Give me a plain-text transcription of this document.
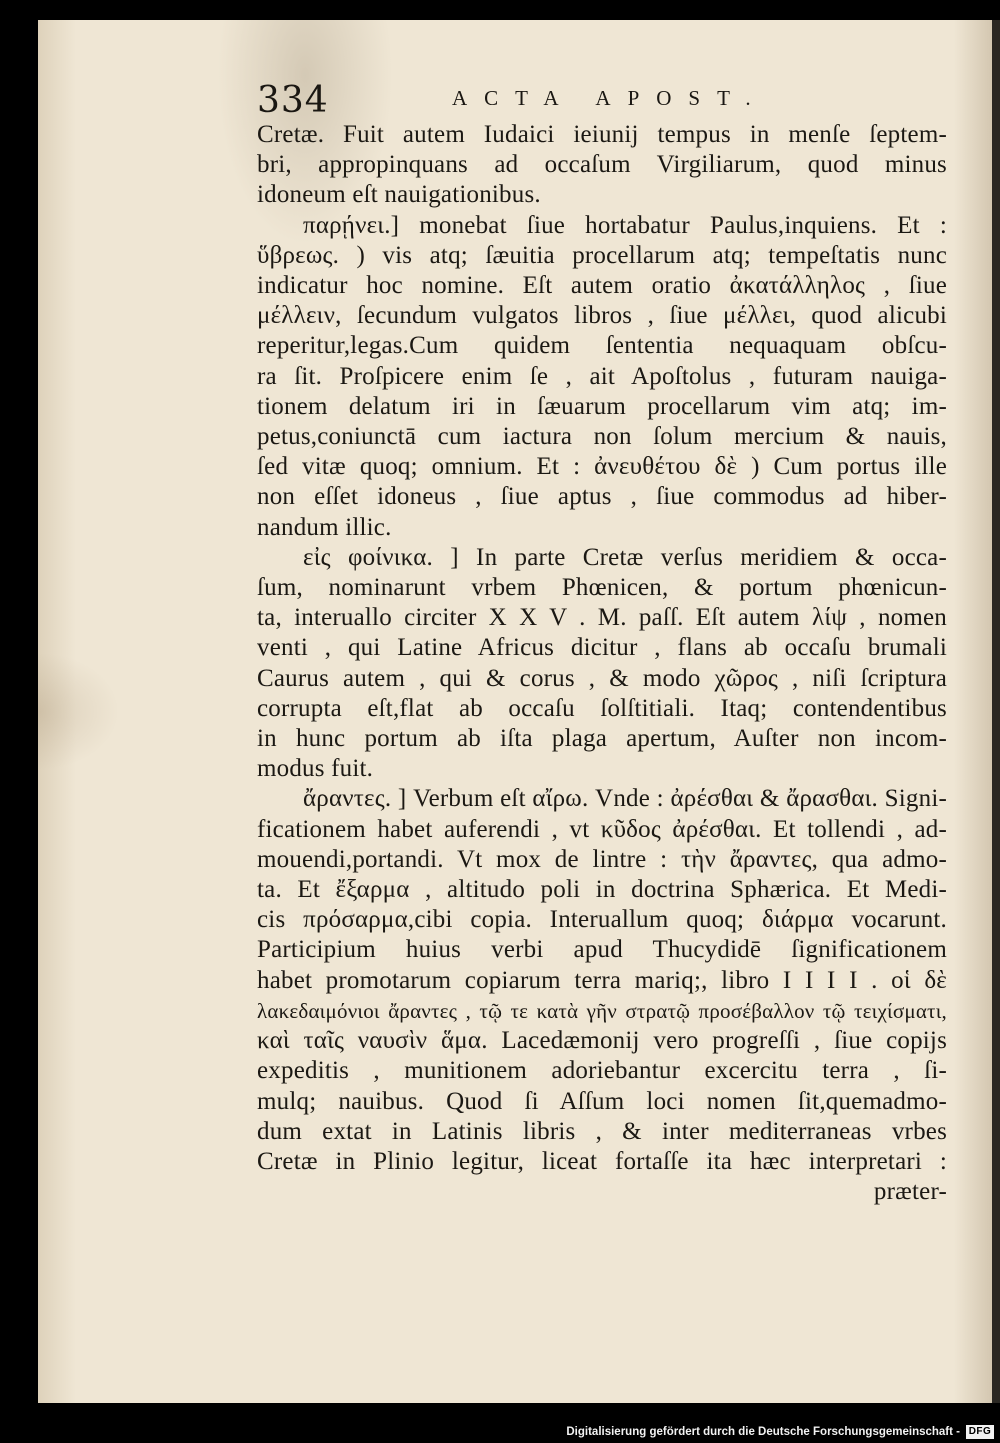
334	ACTA APOST.
Cretæ. Fuit autem Iudaici ieiunij tempus in menſe ſeptem-
bri, appropinquans ad occaſum Virgiliarum, quod minus
idoneum eſt nauigationibus.
παρῄνει.] monebat ſiue hortabatur Paulus,inquiens. Et :
ὕβρεως. ) vis atq; ſæuitia procellarum atq; tempeſtatis nunc
indicatur hoc nomine. Eſt autem oratio ἀκατάλληλος , ſiue
μέλλειν, ſecundum vulgatos libros , ſiue μέλλει, quod alicubi
reperitur,legas.Cum quidem ſententia nequaquam obſcu-
ra ſit. Proſpicere enim ſe , ait Apoſtolus , futuram nauiga-
tionem delatum iri in ſæuarum procellarum vim atq; im-
petus,coniunctā cum iactura non ſolum mercium & nauis,
ſed vitæ quoq; omnium. Et : ἀνευθέτου δὲ ) Cum portus ille
non eſſet idoneus , ſiue aptus , ſiue commodus ad hiber-
nandum illic.
εἰς φοίνικα. ] In parte Cretæ verſus meridiem & occa-
ſum, nominarunt vrbem Phœnicen, & portum phœnicun-
ta, interuallo circiter X X V . M. paſſ. Eſt autem λίψ , nomen
venti , qui Latine Africus dicitur , flans ab occaſu brumali
Caurus autem , qui & corus , & modo χῶρος , niſi ſcriptura
corrupta eſt,flat ab occaſu ſolſtitiali. Itaq; contendentibus
in hunc portum ab iſta plaga apertum, Auſter non incom-
modus fuit.
ἄραντες. ] Verbum eſt αἴρω. Vnde : ἀρέσθαι & ἄρασθαι. Signi-
ficationem habet auferendi , vt κῦδος ἀρέσθαι. Et tollendi , ad-
mouendi,portandi. Vt mox de lintre : τὴν ἄραντες, qua admo-
ta. Et ἔξαρμα , altitudo poli in doctrina Sphærica. Et Medi-
cis πρόσαρμα,cibi copia. Interuallum quoq; διάρμα vocarunt.
Participium huius verbi apud Thucydidē ſignificationem
habet promotarum copiarum terra mariq;, libro I I I I . οἱ δὲ
λακεδαιμόνιοι ἄραντες , τῷ τε κατὰ γῆν στρατῷ προσέβαλλον τῷ τειχίσματι,
καὶ ταῖς ναυσὶν ἅμα. Lacedæmonij vero progreſſi , ſiue copijs
expeditis , munitionem adoriebantur excercitu terra , ſi-
mulq; nauibus. Quod ſi Aſſum loci nomen ſit,quemadmo-
dum extat in Latinis libris , & inter mediterraneas vrbes
Cretæ in Plinio legitur, liceat fortaſſe ita hæc interpretari :
præter-
Digitalisierung gefördert durch die Deutsche Forschungsgemeinschaft - DFG
